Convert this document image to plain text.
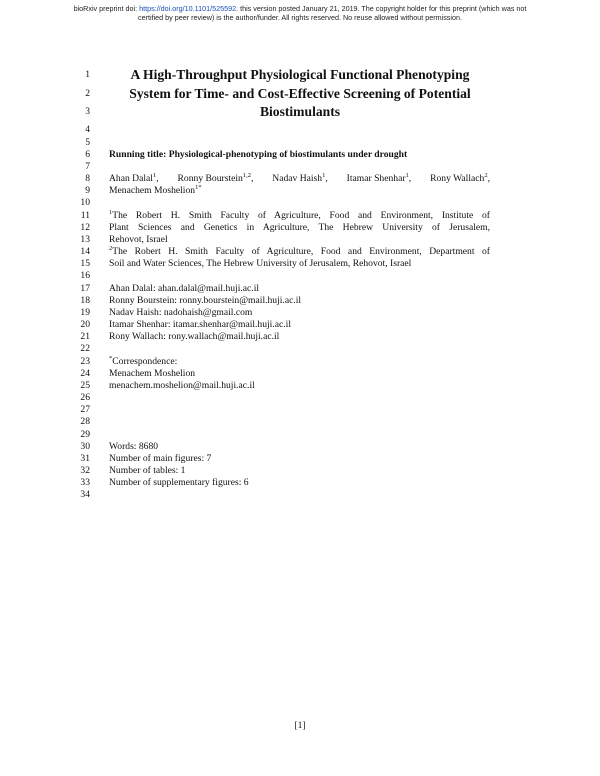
bioRxiv preprint doi: https://doi.org/10.1101/525592. this version posted January 21, 2019. The copyright holder for this preprint (which was not
certified by peer review) is the author/funder. All rights reserved. No reuse allowed without permission.
1
2
3
4
5
6
7
8
9
10
11
12
13
14
15
16
17
18
19
20
21
22
23
24
25
26
27
28
29
30
31
32
33
34
A High-Throughput Physiological Functional Phenotyping
System for Time- and Cost-Effective Screening of Potential
Biostimulants
Running title: Physiological-phenotyping of biostimulants under drought
Ahan Dalal$^1$, Ronny Bourstein$^{1,2}$, Nadav Haish$^1$, Itamar Shenhar$^1$, Rony Wallach$^2$,
Menachem Moshelion$^{1*}$
$^1$The Robert H. Smith Faculty of Agriculture, Food and Environment, Institute of
Plant Sciences and Genetics in Agriculture, The Hebrew University of Jerusalem,
Rehovot, Israel
$^2$The Robert H. Smith Faculty of Agriculture, Food and Environment, Department of
Soil and Water Sciences, The Hebrew University of Jerusalem, Rehovot, Israel
Ahan Dalal: ahan.dalal@mail.huji.ac.il
Ronny Bourstein: ronny.bourstein@mail.huji.ac.il
Nadav Haish: nadohaish@gmail.com
Itamar Shenhar: itamar.shenhar@mail.huji.ac.il
Rony Wallach: rony.wallach@mail.huji.ac.il
*Correspondence:
Menachem Moshelion
menachem.moshelion@mail.huji.ac.il
Words: 8680
Number of main figures: 7
Number of tables: 1
Number of supplementary figures: 6
[1]
